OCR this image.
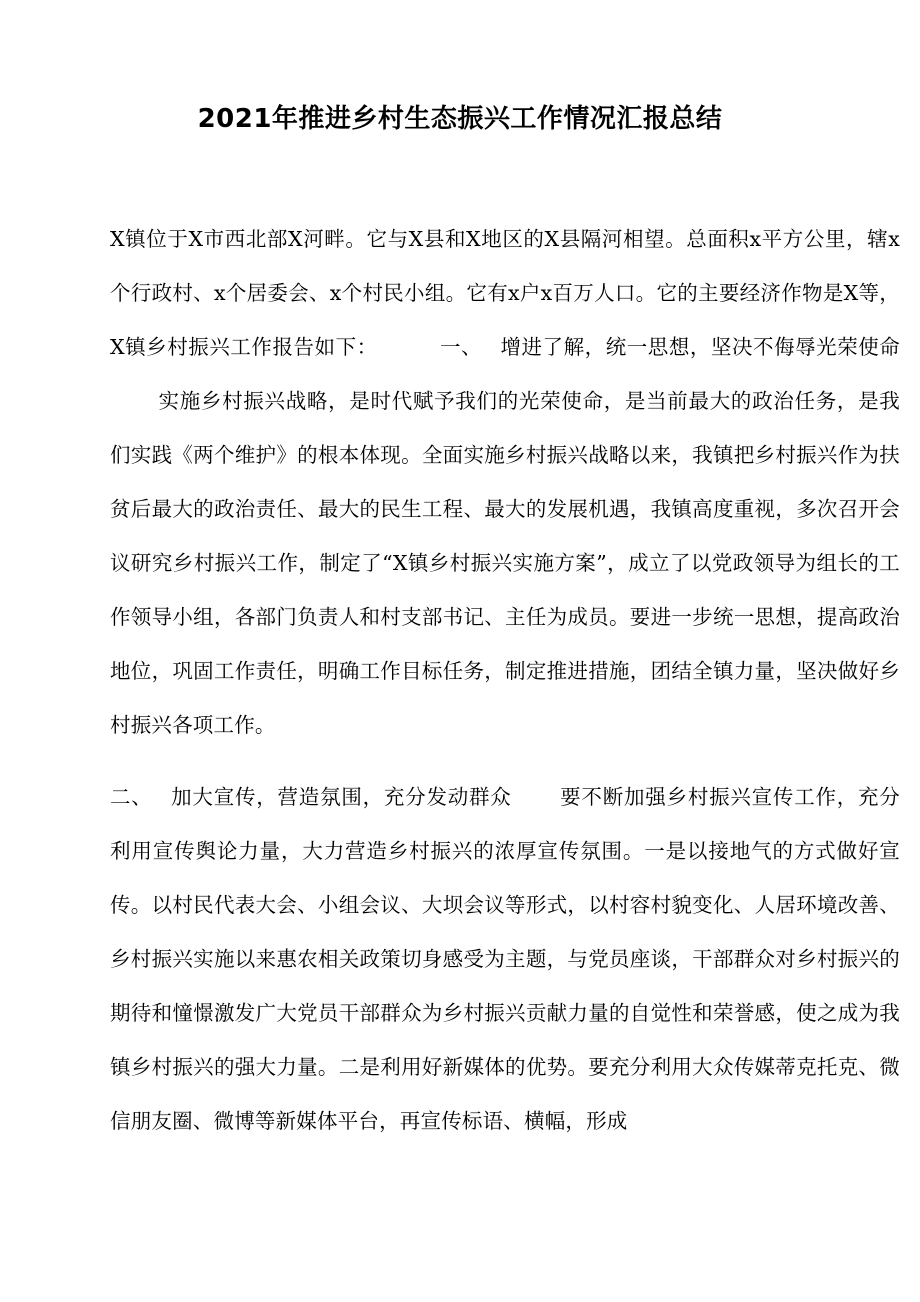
2021年推进乡村生态振兴工作情况汇报总结

X镇位于X市西北部X河畔。它与X县和X地区的X县隔河相望。总面积x平方公里，辖x个行政村、x个居委会、x个村民小组。它有x户x百万人口。它的主要经济作物是X等，X镇乡村振兴工作报告如下：	一、 增进了解，统一思想，坚决不侮辱光荣使命实施乡村振兴战略，是时代赋予我们的光荣使命，是当前最大的政治任务，是我们实践《两个维护》的根本体现。全面实施乡村振兴战略以来，我镇把乡村振兴作为扶贫后最大的政治责任、最大的民生工程、最大的发展机遇，我镇高度重视，多次召开会议研究乡村振兴工作，制定了“X镇乡村振兴实施方案”，成立了以党政领导为组长的工作领导小组，各部门负责人和村支部书记、主任为成员。要进一步统一思想，提高政治地位，巩固工作责任，明确工作目标任务，制定推进措施，团结全镇力量，坚决做好乡村振兴各项工作。

二、 加大宣传，营造氛围，充分发动群众 要不断加强乡村振兴宣传工作，充分利用宣传舆论力量，大力营造乡村振兴的浓厚宣传氛围。一是以接地气的方式做好宣传。以村民代表大会、小组会议、大坝会议等形式，以村容村貌变化、人居环境改善、乡村振兴实施以来惠农相关政策切身感受为主题，与党员座谈，干部群众对乡村振兴的期待和憧憬激发广大党员干部群众为乡村振兴贡献力量的自觉性和荣誉感，使之成为我镇乡村振兴的强大力量。二是利用好新媒体的优势。要充分利用大众传媒蒂克托克、微信朋友圈、微博等新媒体平台，再宣传标语、横幅，形成
